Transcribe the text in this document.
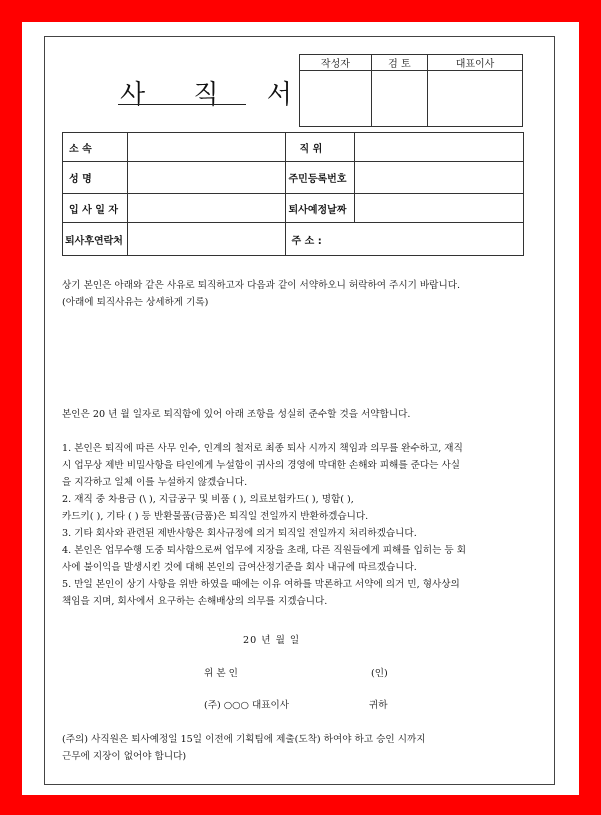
사 직 서
작성자	검 토	대표이사

소 속		직 위	
성 명		주민등록번호	
입 사 일 자		퇴사예정날짜	
퇴사후연락처		주 소 :	

상기 본인은 아래와 같은 사유로 퇴직하고자 다음과 같이 서약하오니 허락하여 주시기 바랍니다.

(아래에 퇴직사유는 상세하게 기록)

본인은 20 년 월 일자로 퇴직함에 있어 아래 조항을 성실히 준수할 것을 서약합니다.

1. 본인은 퇴직에 따른 사무 인수, 인계의 철저로 최종 퇴사 시까지 책임과 의무를 완수하고, 재직

시 업무상 제반 비밀사항을 타인에게 누설함이 귀사의 경영에 막대한 손해와 피해를 준다는 사실

을 지각하고 일체 이를 누설하지 않겠습니다.

2. 재직 중 차용금 (\ ), 지급공구 및 비품 ( ), 의료보험카드( ), 명함( ),

카드키( ), 기타 ( ) 등 반환물품(금품)은 퇴직일 전일까지 반환하겠습니다.

3. 기타 회사와 관련된 제반사항은 회사규정에 의거 퇴직일 전일까지 처리하겠습니다.

4. 본인은 업무수행 도중 퇴사함으로써 업무에 지장을 초래, 다른 직원들에게 피해를 입히는 등 회

사에 불이익을 발생시킨 것에 대해 본인의 급여산정기준을 회사 내규에 따르겠습니다.

5. 만일 본인이 상기 사항을 위반 하였을 때에는 이유 여하를 막론하고 서약에 의거 민, 형사상의

책임을 지며, 회사에서 요구하는 손해배상의 의무를 지겠습니다.

20 년 월 일
위 본 인	(인)
(주) ○○○ 대표이사	귀하

(주의) 사직원은 퇴사예정일 15일 이전에 기획팀에 제출(도착) 하여야 하고 승인 시까지

근무에 지장이 없어야 합니다)
